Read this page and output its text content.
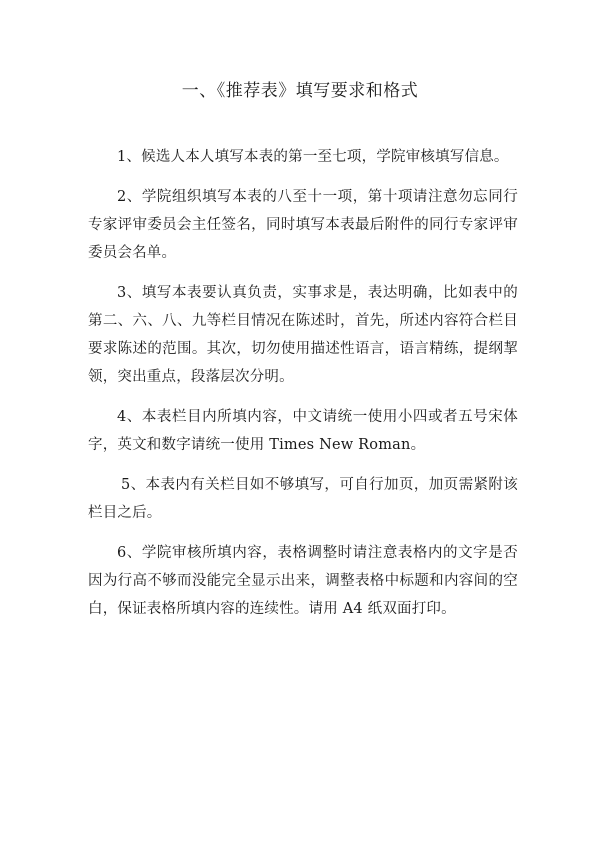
一、《推荐表》填写要求和格式

1、候选人本人填写本表的第一至七项，学院审核填写信息。

2、学院组织填写本表的八至十一项，第十项请注意勿忘同行专家评审委员会主任签名，同时填写本表最后附件的同行专家评审委员会名单。

3、填写本表要认真负责，实事求是，表达明确，比如表中的第二、六、八、九等栏目情况在陈述时，首先，所述内容符合栏目要求陈述的范围。其次，切勿使用描述性语言，语言精练，提纲挈领，突出重点，段落层次分明。

4、本表栏目内所填内容，中文请统一使用小四或者五号宋体字，英文和数字请统一使用 Times New Roman。

5、本表内有关栏目如不够填写，可自行加页，加页需紧附该栏目之后。

6、学院审核所填内容，表格调整时请注意表格内的文字是否因为行高不够而没能完全显示出来，调整表格中标题和内容间的空白，保证表格所填内容的连续性。请用 A4 纸双面打印。
